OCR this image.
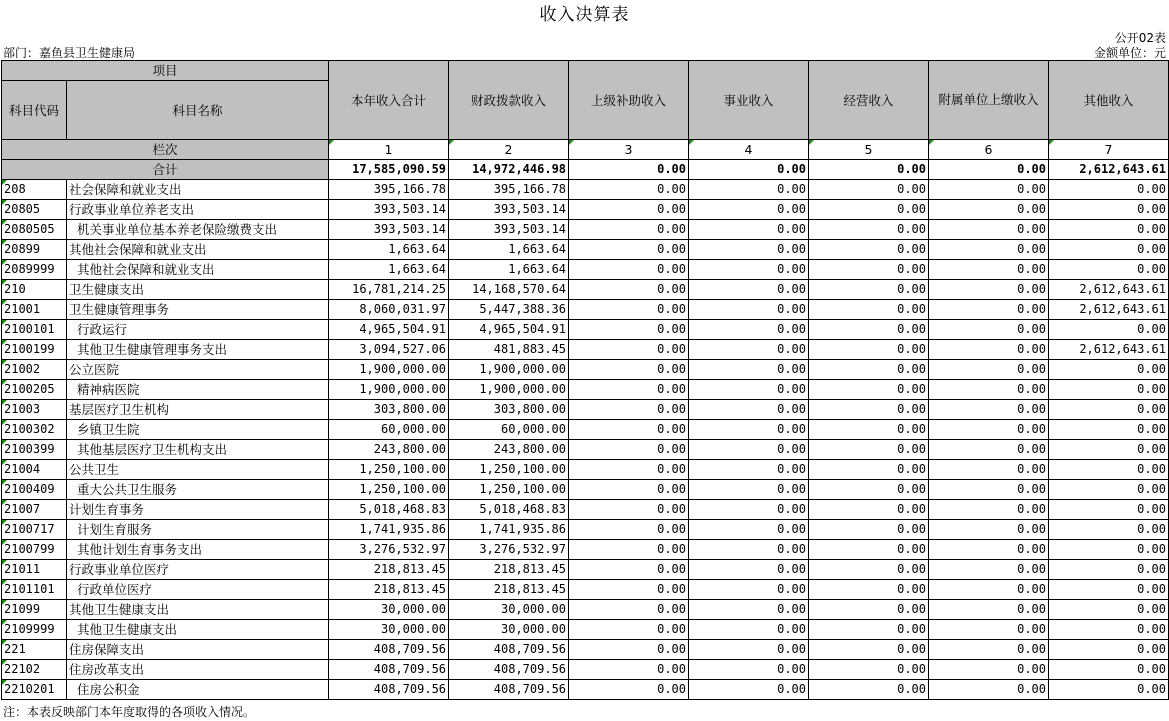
收入决算表
公开02表
部门：嘉鱼县卫生健康局	金额单位：元
项目		本年收入合计	财政拨款收入	上级补助收入	事业收入	经营收入	附属单位上缴收入	其他收入
科目代码	科目名称							

栏次		1	2	3	4	5	6	7
合计		17,585,090.59	14,972,446.98	0.00	0.00	0.00	0.00	2,612,643.61
208	社会保障和就业支出	395,166.78	395,166.78	0.00	0.00	0.00	0.00	0.00
20805	行政事业单位养老支出	393,503.14	393,503.14	0.00	0.00	0.00	0.00	0.00
2080505	机关事业单位基本养老保险缴费支出	393,503.14	393,503.14	0.00	0.00	0.00	0.00	0.00
20899	其他社会保障和就业支出	1,663.64	1,663.64	0.00	0.00	0.00	0.00	0.00
2089999	其他社会保障和就业支出	1,663.64	1,663.64	0.00	0.00	0.00	0.00	0.00
210	卫生健康支出	16,781,214.25	14,168,570.64	0.00	0.00	0.00	0.00	2,612,643.61
21001	卫生健康管理事务	8,060,031.97	5,447,388.36	0.00	0.00	0.00	0.00	2,612,643.61
2100101	行政运行	4,965,504.91	4,965,504.91	0.00	0.00	0.00	0.00	0.00
2100199	其他卫生健康管理事务支出	3,094,527.06	481,883.45	0.00	0.00	0.00	0.00	2,612,643.61
21002	公立医院	1,900,000.00	1,900,000.00	0.00	0.00	0.00	0.00	0.00
2100205	精神病医院	1,900,000.00	1,900,000.00	0.00	0.00	0.00	0.00	0.00
21003	基层医疗卫生机构	303,800.00	303,800.00	0.00	0.00	0.00	0.00	0.00
2100302	乡镇卫生院	60,000.00	60,000.00	0.00	0.00	0.00	0.00	0.00
2100399	其他基层医疗卫生机构支出	243,800.00	243,800.00	0.00	0.00	0.00	0.00	0.00
21004	公共卫生	1,250,100.00	1,250,100.00	0.00	0.00	0.00	0.00	0.00
2100409	重大公共卫生服务	1,250,100.00	1,250,100.00	0.00	0.00	0.00	0.00	0.00
21007	计划生育事务	5,018,468.83	5,018,468.83	0.00	0.00	0.00	0.00	0.00
2100717	计划生育服务	1,741,935.86	1,741,935.86	0.00	0.00	0.00	0.00	0.00
2100799	其他计划生育事务支出	3,276,532.97	3,276,532.97	0.00	0.00	0.00	0.00	0.00
21011	行政事业单位医疗	218,813.45	218,813.45	0.00	0.00	0.00	0.00	0.00
2101101	行政单位医疗	218,813.45	218,813.45	0.00	0.00	0.00	0.00	0.00
21099	其他卫生健康支出	30,000.00	30,000.00	0.00	0.00	0.00	0.00	0.00
2109999	其他卫生健康支出	30,000.00	30,000.00	0.00	0.00	0.00	0.00	0.00
221	住房保障支出	408,709.56	408,709.56	0.00	0.00	0.00	0.00	0.00
22102	住房改革支出	408,709.56	408,709.56	0.00	0.00	0.00	0.00	0.00
2210201	住房公积金	408,709.56	408,709.56	0.00	0.00	0.00	0.00	0.00
注：本表反映部门本年度取得的各项收入情况。
